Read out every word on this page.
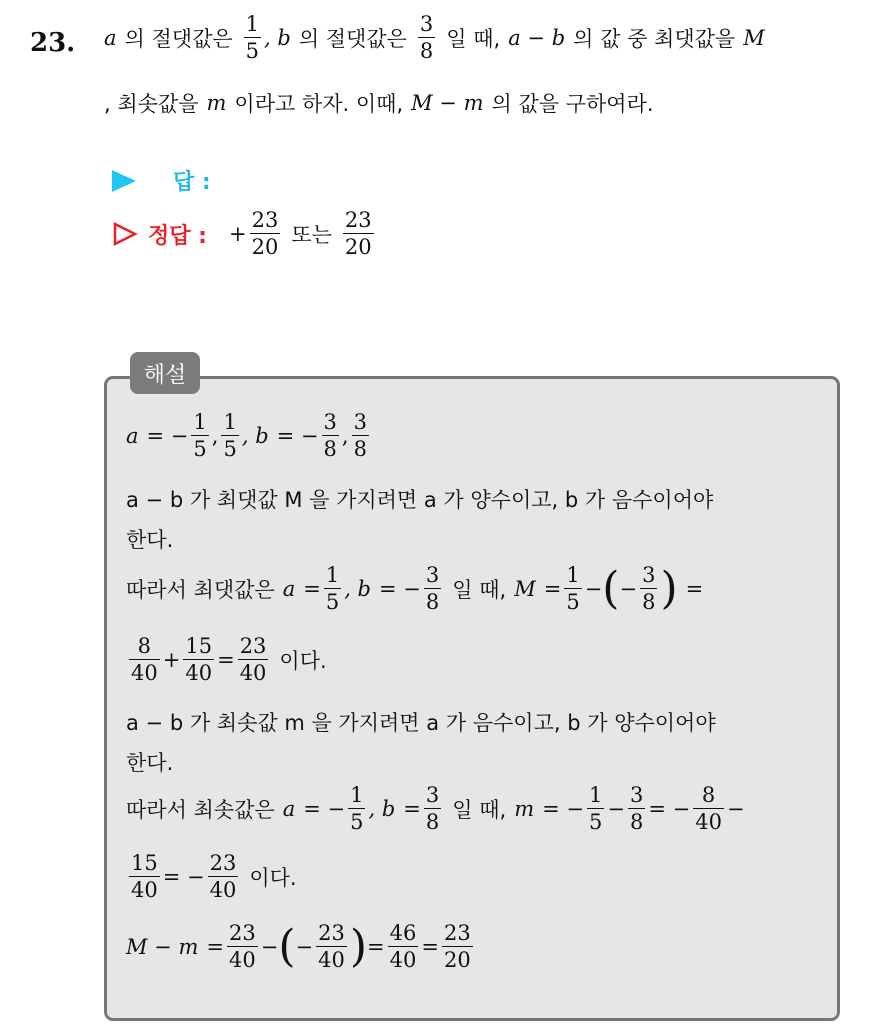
23. a 의 절댓값은 $\frac{1}{5}$ , b 의 절댓값은 $\frac{3}{8}$ 일 때, a − b 의 값 중 최댓값을 M
, 최솟값을 m 이라고 하자. 이때, M − m 의 값을 구하여라.
답 :
정답 : + $\frac{23}{20}$ 또는 $\frac{23}{20}$
해설
a = − $\frac{1}{5}$ , $\frac{1}{5}$ , b = − $\frac{3}{8}$ , $\frac{3}{8}$
a − b 가 최댓값 M 을 가지려면 a 가 양수이고, b 가 음수이어야
한다.
따라서 최댓값은 $a = \frac{1}{5}$ , b = − $\frac{3}{8}$ 일 때, $M = \frac{1}{5}$ − ( − $\frac{3}{8}$ ) =
$\frac{8}{40} + \frac{15}{40} = \frac{23}{40}$ 이다.
a − b 가 최솟값 m 을 가지려면 a 가 음수이고, b 가 양수이어야
한다.
따라서 최솟값은 a = − $\frac{1}{5}$ , $b = \frac{3}{8}$ 일 때, m = − $\frac{1}{5} - \frac{3}{8}$ = − $\frac{8}{40}$ −
$\frac{15}{40}$ = − $\frac{23}{40}$ 이다.
$M - m = \frac{23}{40}$ − ( − $\frac{23}{40}$ ) = $\frac{46}{40} = \frac{23}{20}$
